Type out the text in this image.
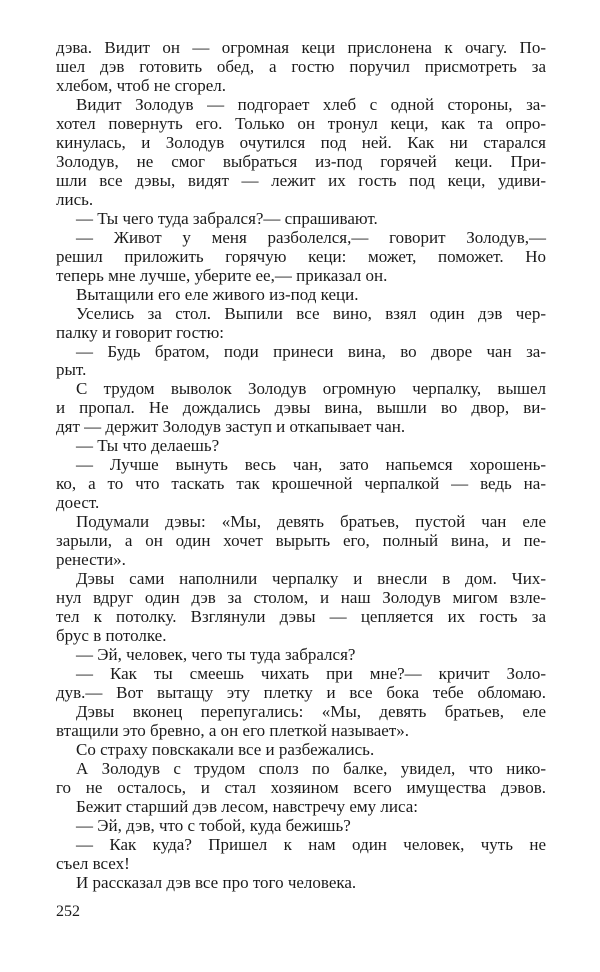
дэва. Видит он — огромная кеци прислонена к очагу. По-
шел дэв готовить обед, а гостю поручил присмотреть за
хлебом, чтоб не сгорел.
Видит Золодув — подгорает хлеб с одной стороны, за-
хотел повернуть его. Только он тронул кеци, как та опро-
кинулась, и Золодув очутился под ней. Как ни старался
Золодув, не смог выбраться из-под горячей кеци. При-
шли все дэвы, видят — лежит их гость под кеци, удиви-
лись.
— Ты чего туда забрался?— спрашивают.
— Живот у меня разболелся,— говорит Золодув,—
решил приложить горячую кеци: может, поможет. Но
теперь мне лучше, уберите ее,— приказал он.
Вытащили его еле живого из-под кеци.
Уселись за стол. Выпили все вино, взял один дэв чер-
палку и говорит гостю:
— Будь братом, поди принеси вина, во дворе чан за-
рыт.
С трудом выволок Золодув огромную черпалку, вышел
и пропал. Не дождались дэвы вина, вышли во двор, ви-
дят — держит Золодув заступ и откапывает чан.
— Ты что делаешь?
— Лучше вынуть весь чан, зато напьемся хорошень-
ко, а то что таскать так крошечной черпалкой — ведь на-
доест.
Подумали дэвы: «Мы, девять братьев, пустой чан еле
зарыли, а он один хочет вырыть его, полный вина, и пе-
ренести».
Дэвы сами наполнили черпалку и внесли в дом. Чих-
нул вдруг один дэв за столом, и наш Золодув мигом взле-
тел к потолку. Взглянули дэвы — цепляется их гость за
брус в потолке.
— Эй, человек, чего ты туда забрался?
— Как ты смеешь чихать при мне?— кричит Золо-
дув.— Вот вытащу эту плетку и все бока тебе обломаю.
Дэвы вконец перепугались: «Мы, девять братьев, еле
втащили это бревно, а он его плеткой называет».
Со страху повскакали все и разбежались.
А Золодув с трудом сполз по балке, увидел, что нико-
го не осталось, и стал хозяином всего имущества дэвов.
Бежит старший дэв лесом, навстречу ему лиса:
— Эй, дэв, что с тобой, куда бежишь?
— Как куда? Пришел к нам один человек, чуть не
съел всех!
И рассказал дэв все про того человека.
252
